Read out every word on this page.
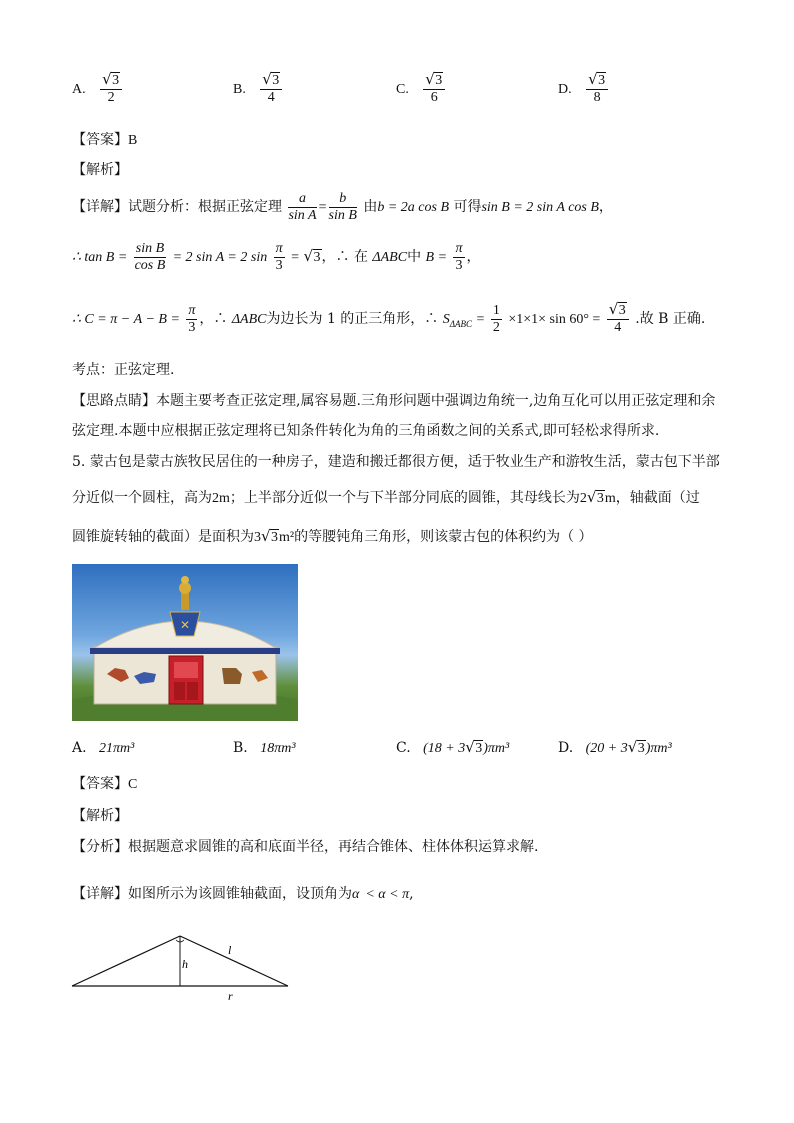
A. √ $\frac{3}{2}$	B. √ $\frac{3}{4}$	C. √ $\frac{3}{6}$	D. √ $\frac{3}{8}$
【答案】B
【解析】
【详解】试题分析：根据正弦定理 $\frac{a}{\text{sin A}} = \frac{b}{\text{sin B}}$ 由b = 2a cos B 可得sin B = 2 sin A cos B，
∴ $\tan B = \frac{\text{sin B}}{\text{cos B}} = 2$ sin A = 2 $\sin \frac{\pi}{3}$ = √ 3，∴ 在 ΔABC中 $B = \frac{\pi}{3}$ ，
∴ $C = \pi - A - B = \frac{\pi}{3}$ ，∴ ΔABC为边长为 1 的正三角形，∴ $S_{\Delta ABC} = \frac{1}{2} \times 1\times 1\times \sin 60^\circ$ = √ $\frac{3}{4}$ .故 B 正确.
考点：正弦定理.
【思路点睛】本题主要考查正弦定理,属容易题.三角形问题中强调边角统一,边角互化可以用正弦定理和余
弦定理.本题中应根据正弦定理将已知条件转化为角的三角函数之间的关系式,即可轻松求得所求.
5. 蒙古包是蒙古族牧民居住的一种房子，建造和搬迁都很方便，适于牧业生产和游牧生活，蒙古包下半部
分近似一个圆柱，高为2m；上半部分近似一个与下半部分同底的圆锥，其母线长为2 √ 3m，轴截面（过
圆锥旋转轴的截面）是面积为3 √ 3m²的等腰钝角三角形，则该蒙古包的体积约为（ ）
✕
A. 21πm³	B. 18πm³	C. (18 + 3 √ 3)πm³	D. (20 + 3 √ 3)πm³
【答案】C
【解析】
【分析】根据题意求圆锥的高和底面半径，再结合锥体、柱体体积运算求解.
【详解】如图所示为该圆锥轴截面，设顶角为α < α < π,
h
l
r
